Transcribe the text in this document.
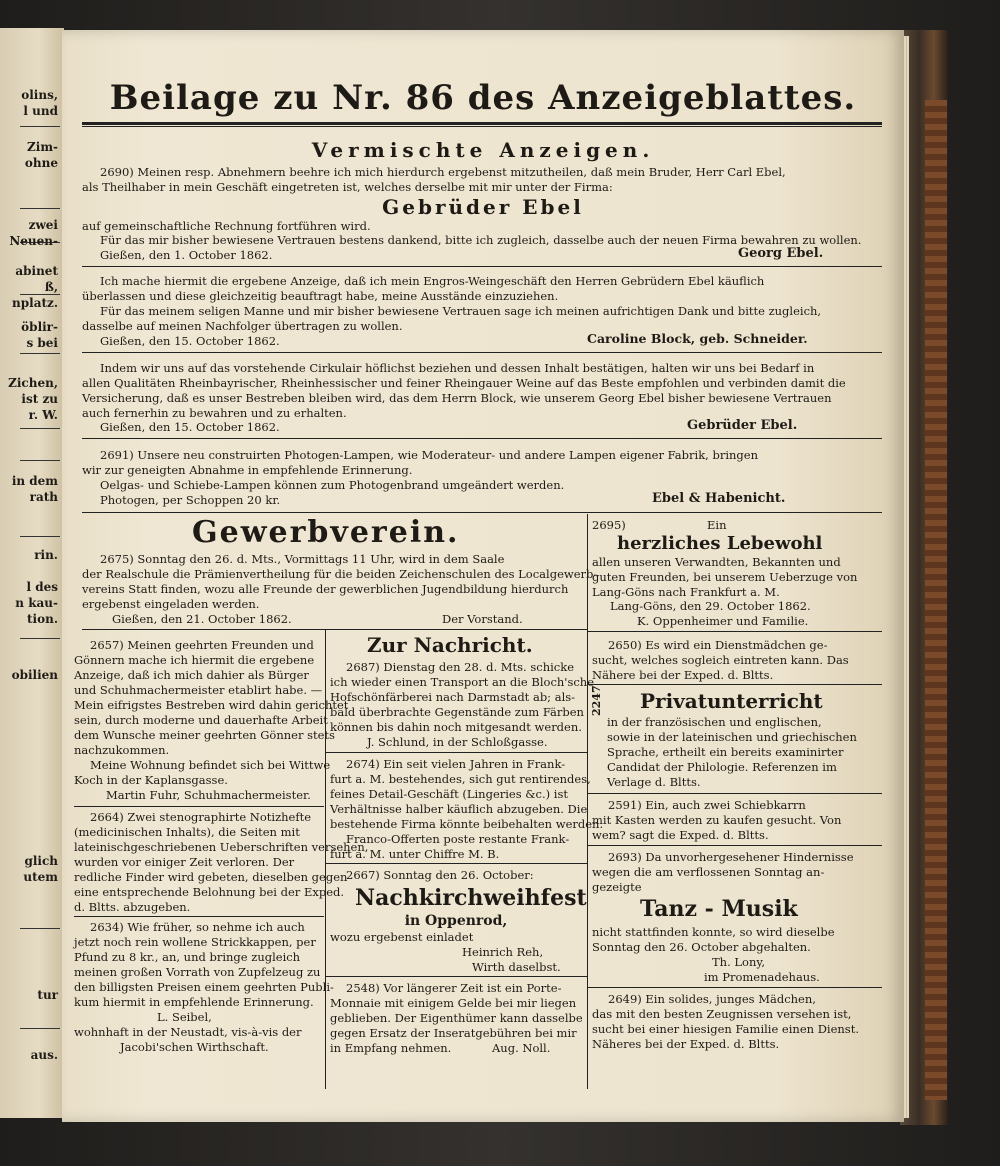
olins,
l und
Zim-
ohne
zwei
Neuen-
abinet
ß,
nplatz.
öblir-
s bei
Zichen,
ist zu
r. W.
in dem
rath
rin.
l des
n kau-
tion.
obilien
glich
utem
tur
aus.
Beilage zu Nr. 86 des Anzeigeblattes.
Vermischte Anzeigen.
2690) Meinen resp. Abnehmern beehre ich mich hierdurch ergebenst mitzutheilen, daß mein Bruder, Herr Carl Ebel,
als Theilhaber in mein Geschäft eingetreten ist, welches derselbe mit mir unter der Firma:
Gebrüder Ebel
auf gemeinschaftliche Rechnung fortführen wird.
Für das mir bisher bewiesene Vertrauen bestens dankend, bitte ich zugleich, dasselbe auch der neuen Firma bewahren zu wollen.
Gießen, den 1. October 1862.	Georg Ebel.
Ich mache hiermit die ergebene Anzeige, daß ich mein Engros-Weingeschäft den Herren Gebrüdern Ebel käuflich
überlassen und diese gleichzeitig beauftragt habe, meine Ausstände einzuziehen.
Für das meinem seligen Manne und mir bisher bewiesene Vertrauen sage ich meinen aufrichtigen Dank und bitte zugleich,
dasselbe auf meinen Nachfolger übertragen zu wollen.
Gießen, den 15. October 1862.	Caroline Block, geb. Schneider.
Indem wir uns auf das vorstehende Cirkulair höflichst beziehen und dessen Inhalt bestätigen, halten wir uns bei Bedarf in
allen Qualitäten Rheinbayrischer, Rheinhessischer und feiner Rheingauer Weine auf das Beste empfohlen und verbinden damit die
Versicherung, daß es unser Bestreben bleiben wird, das dem Herrn Block, wie unserem Georg Ebel bisher bewiesene Vertrauen
auch fernerhin zu bewahren und zu erhalten.
Gießen, den 15. October 1862.	Gebrüder Ebel.
2691) Unsere neu construirten Photogen-Lampen, wie Moderateur- und andere Lampen eigener Fabrik, bringen
wir zur geneigten Abnahme in empfehlende Erinnerung.
Oelgas- und Schiebe-Lampen können zum Photogenbrand umgeändert werden.
Photogen, per Schoppen 20 kr.	Ebel & Habenicht.
Gewerbverein.
2675) Sonntag den 26. d. Mts., Vormittags 11 Uhr, wird in dem Saale
der Realschule die Prämienvertheilung für die beiden Zeichenschulen des Localgewerb-
vereins Statt finden, wozu alle Freunde der gewerblichen Jugendbildung hierdurch
ergebenst eingeladen werden.
Gießen, den 21. October 1862.	Der Vorstand.
2695)	Ein
herzliches Lebewohl
allen unseren Verwandten, Bekannten und
guten Freunden, bei unserem Ueberzuge von
Lang-Göns nach Frankfurt a. M.
Lang-Göns, den 29. October 1862.
K. Oppenheimer und Familie.
2657) Meinen geehrten Freunden und
Gönnern mache ich hiermit die ergebene
Anzeige, daß ich mich dahier als Bürger
und Schuhmachermeister etablirt habe. —
Mein eifrigstes Bestreben wird dahin gerichtet
sein, durch moderne und dauerhafte Arbeit
dem Wunsche meiner geehrten Gönner stets
nachzukommen.
Meine Wohnung befindet sich bei Wittwe
Koch in der Kaplansgasse.
Martin Fuhr, Schuhmachermeister.
2664) Zwei stenographirte Notizhefte
(medicinischen Inhalts), die Seiten mit
lateinischgeschriebenen Ueberschriften versehen,
wurden vor einiger Zeit verloren. Der
redliche Finder wird gebeten, dieselben gegen
eine entsprechende Belohnung bei der Exped.
d. Bltts. abzugeben.
2634) Wie früher, so nehme ich auch
jetzt noch rein wollene Strickkappen, per
Pfund zu 8 kr., an, und bringe zugleich
meinen großen Vorrath von Zupfelzeug zu
den billigsten Preisen einem geehrten Publi-
kum hiermit in empfehlende Erinnerung.
L. Seibel,
wohnhaft in der Neustadt, vis-à-vis der
Jacobi'schen Wirthschaft.
Zur Nachricht.
2687) Dienstag den 28. d. Mts. schicke
ich wieder einen Transport an die Bloch'sche
Hofschönfärberei nach Darmstadt ab; als-
bald überbrachte Gegenstände zum Färben
können bis dahin noch mitgesandt werden.
J. Schlund, in der Schloßgasse.
2674) Ein seit vielen Jahren in Frank-
furt a. M. bestehendes, sich gut rentirendes,
feines Detail-Geschäft (Lingeries &c.) ist
Verhältnisse halber käuflich abzugeben. Die
bestehende Firma könnte beibehalten werden.
Franco-Offerten poste restante Frank-
furt a. M. unter Chiffre M. B.
2667) Sonntag den 26. October:
Nachkirchweihfest
in Oppenrod,
wozu ergebenst einladet
Heinrich Reh,
Wirth daselbst.
2548) Vor längerer Zeit ist ein Porte-
Monnaie mit einigem Gelde bei mir liegen
geblieben. Der Eigenthümer kann dasselbe
gegen Ersatz der Inseratgebühren bei mir
in Empfang nehmen.	Aug. Noll.
2650) Es wird ein Dienstmädchen ge-
sucht, welches sogleich eintreten kann. Das
Nähere bei der Exped. d. Bltts.
2247 Privatunterricht
in der französischen und englischen,
sowie in der lateinischen und griechischen
Sprache, ertheilt ein bereits examinirter
Candidat der Philologie. Referenzen im
Verlage d. Bltts.
2591) Ein, auch zwei Schiebkarrn
mit Kasten werden zu kaufen gesucht. Von
wem? sagt die Exped. d. Bltts.
2693) Da unvorhergesehener Hindernisse
wegen die am verflossenen Sonntag an-
gezeigte
Tanz - Musik
nicht stattfinden konnte, so wird dieselbe
Sonntag den 26. October abgehalten.
Th. Lony,
im Promenadehaus.
2649) Ein solides, junges Mädchen,
das mit den besten Zeugnissen versehen ist,
sucht bei einer hiesigen Familie einen Dienst.
Näheres bei der Exped. d. Bltts.
